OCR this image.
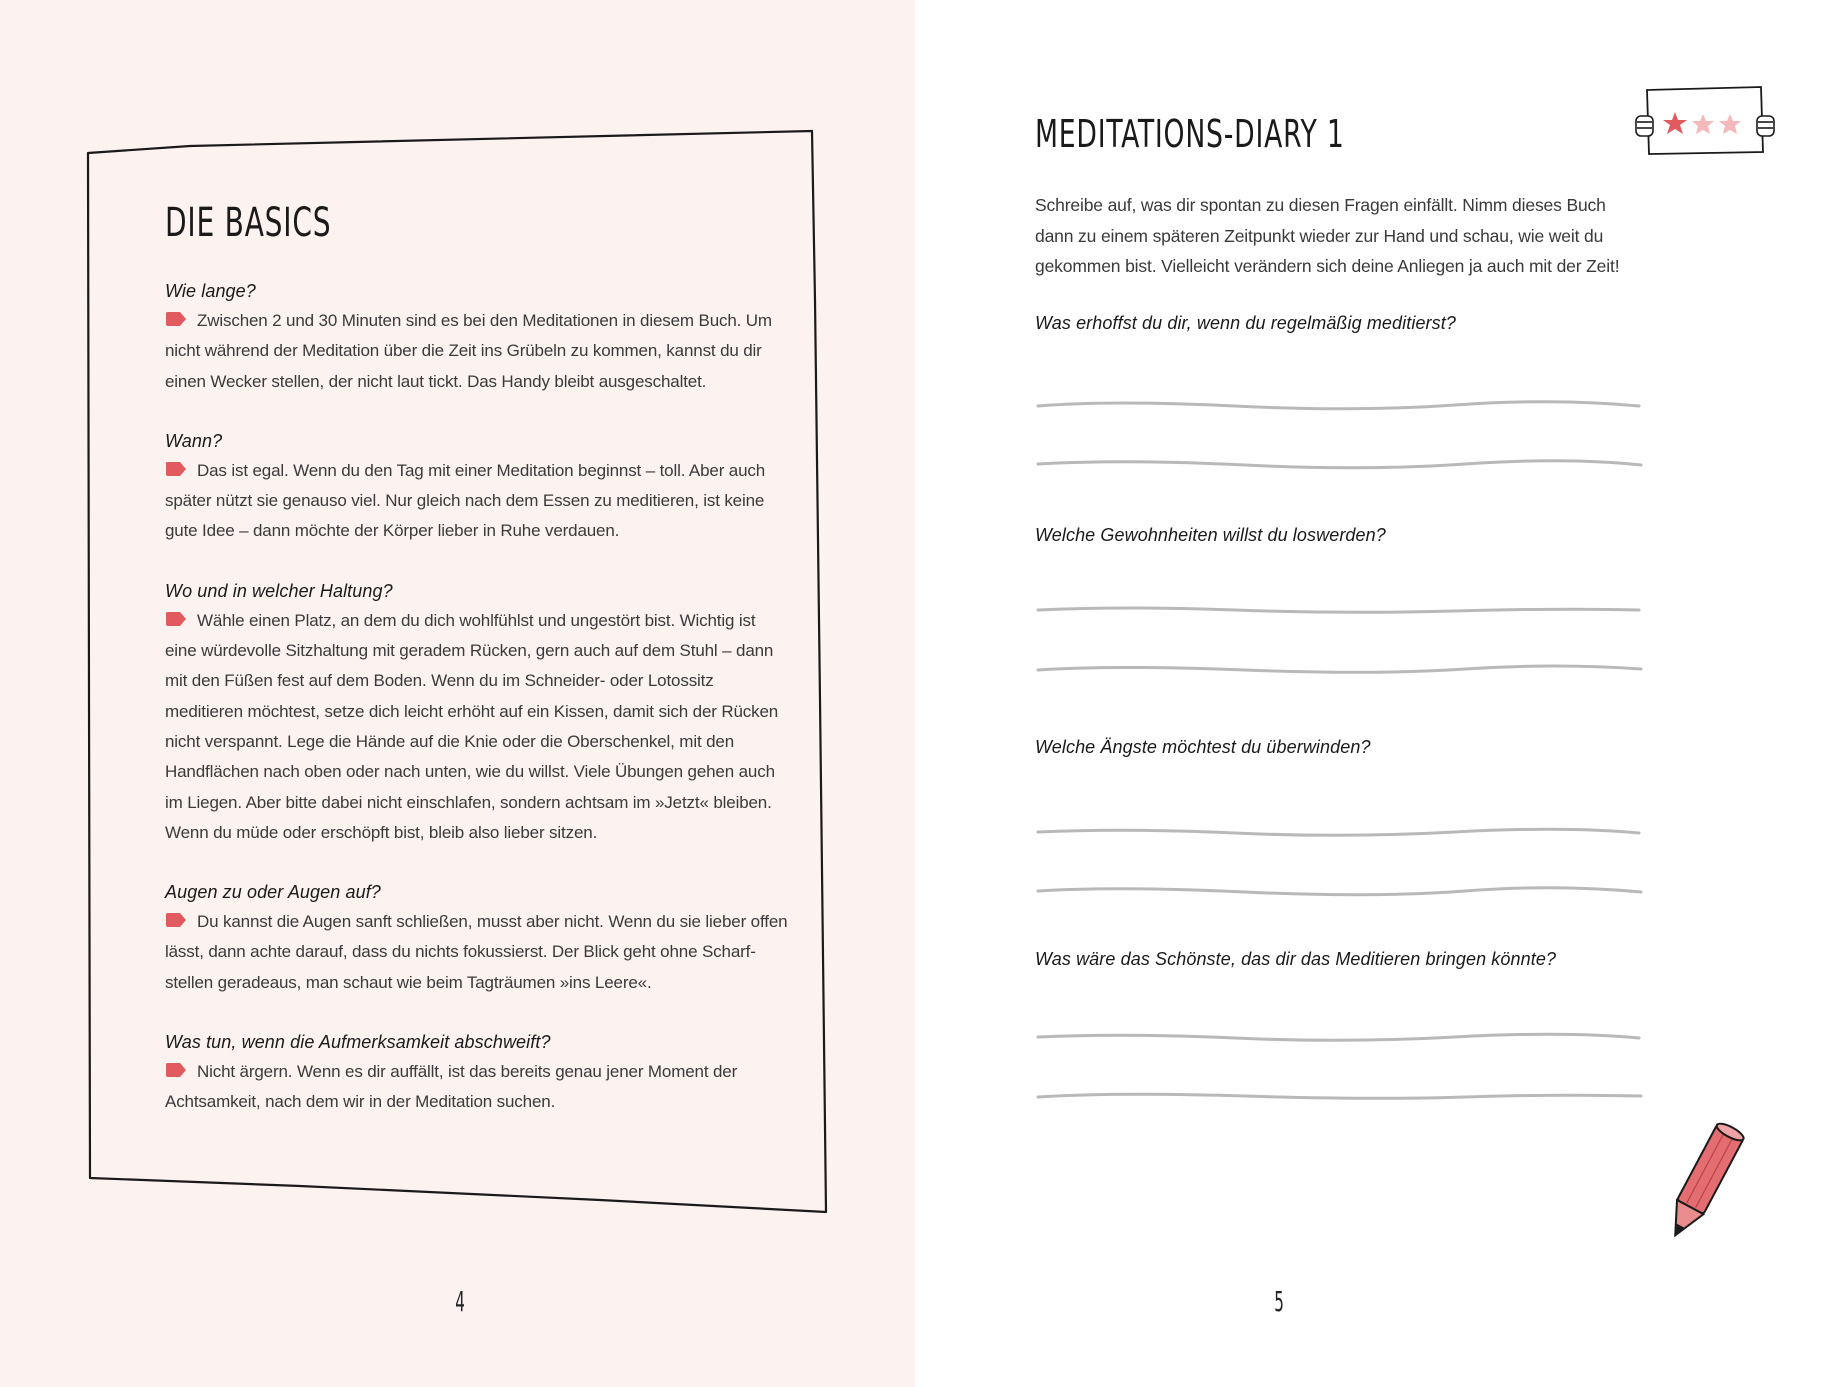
DIE BASICS

Wie lange?

Zwischen 2 und 30 Minuten sind es bei den Meditationen in diesem Buch. Um
nicht während der Meditation über die Zeit ins Grübeln zu kommen, kannst du dir
einen Wecker stellen, der nicht laut tickt. Das Handy bleibt ausgeschaltet.

Wann?

Das ist egal. Wenn du den Tag mit einer Meditation beginnst – toll. Aber auch
später nützt sie genauso viel. Nur gleich nach dem Essen zu meditieren, ist keine
gute Idee – dann möchte der Körper lieber in Ruhe verdauen.

Wo und in welcher Haltung?

Wähle einen Platz, an dem du dich wohlfühlst und ungestört bist. Wichtig ist
eine würdevolle Sitzhaltung mit geradem Rücken, gern auch auf dem Stuhl – dann
mit den Füßen fest auf dem Boden. Wenn du im Schneider- oder Lotossitz
meditieren möchtest, setze dich leicht erhöht auf ein Kissen, damit sich der Rücken
nicht verspannt. Lege die Hände auf die Knie oder die Oberschenkel, mit den
Handflächen nach oben oder nach unten, wie du willst. Viele Übungen gehen auch
im Liegen. Aber bitte dabei nicht einschlafen, sondern achtsam im »Jetzt« bleiben.
Wenn du müde oder erschöpft bist, bleib also lieber sitzen.

Augen zu oder Augen auf?

Du kannst die Augen sanft schließen, musst aber nicht. Wenn du sie lieber offen
lässt, dann achte darauf, dass du nichts fokussierst. Der Blick geht ohne Scharf-
stellen geradeaus, man schaut wie beim Tagträumen »ins Leere«.

Was tun, wenn die Aufmerksamkeit abschweift?

Nicht ärgern. Wenn es dir auffällt, ist das bereits genau jener Moment der
Achtsamkeit, nach dem wir in der Meditation suchen.

4
MEDITATIONS-DIARY 1

Schreibe auf, was dir spontan zu diesen Fragen einfällt. Nimm dieses Buch
dann zu einem späteren Zeitpunkt wieder zur Hand und schau, wie weit du
gekommen bist. Vielleicht verändern sich deine Anliegen ja auch mit der Zeit!

Was erhoffst du dir, wenn du regelmäßig meditierst?
Welche Gewohnheiten willst du loswerden?
Welche Ängste möchtest du überwinden?
Was wäre das Schönste, das dir das Meditieren bringen könnte?
5
